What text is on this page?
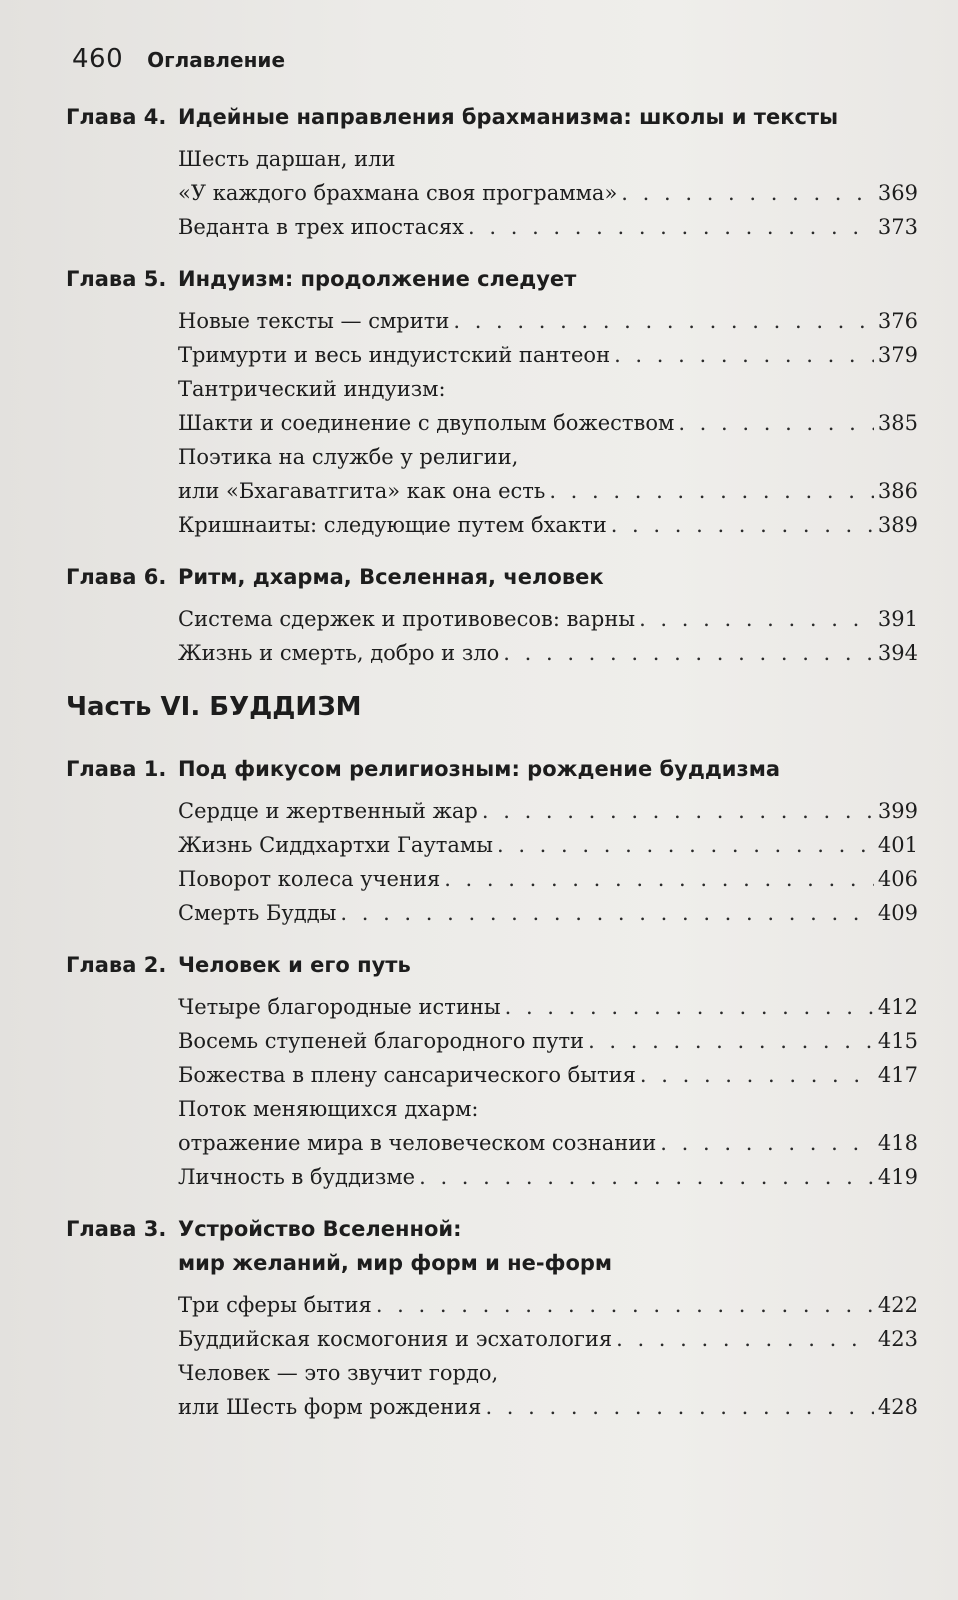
460 Оглавление
Глава 4. Идейные направления брахманизма: школы и тексты
Шесть даршан, или
«У каждого брахмана своя программа» . . .	369
Веданта в трех ипостасях . . .	373
Глава 5. Индуизм: продолжение следует
Новые тексты — смрити . . .	376
Тримурти и весь индуистский пантеон . . .	379
Тантрический индуизм:
Шакти и соединение с двуполым божеством . . .	385
Поэтика на службе у религии,
или «Бхагаватгита» как она есть . . .	386
Кришнаиты: следующие путем бхакти . . .	389
Глава 6. Ритм, дхарма, Вселенная, человек
Система сдержек и противовесов: варны . . .	391
Жизнь и смерть, добро и зло . . .	394
Часть VI. БУДДИЗМ
Глава 1. Под фикусом религиозным: рождение буддизма
Сердце и жертвенный жар . . .	399
Жизнь Сиддхартхи Гаутамы . . .	401
Поворот колеса учения . . .	406
Смерть Будды . . .	409
Глава 2. Человек и его путь
Четыре благородные истины . . .	412
Восемь ступеней благородного пути . . .	415
Божества в плену сансарического бытия . . .	417
Поток меняющихся дхарм:
отражение мира в человеческом сознании . . .	418
Личность в буддизме . . .	419
Глава 3. Устройство Вселенной:
мир желаний, мир форм и не-форм
Три сферы бытия . . .	422
Буддийская космогония и эсхатология . . .	423
Человек — это звучит гордо,
или Шесть форм рождения . . .	428
